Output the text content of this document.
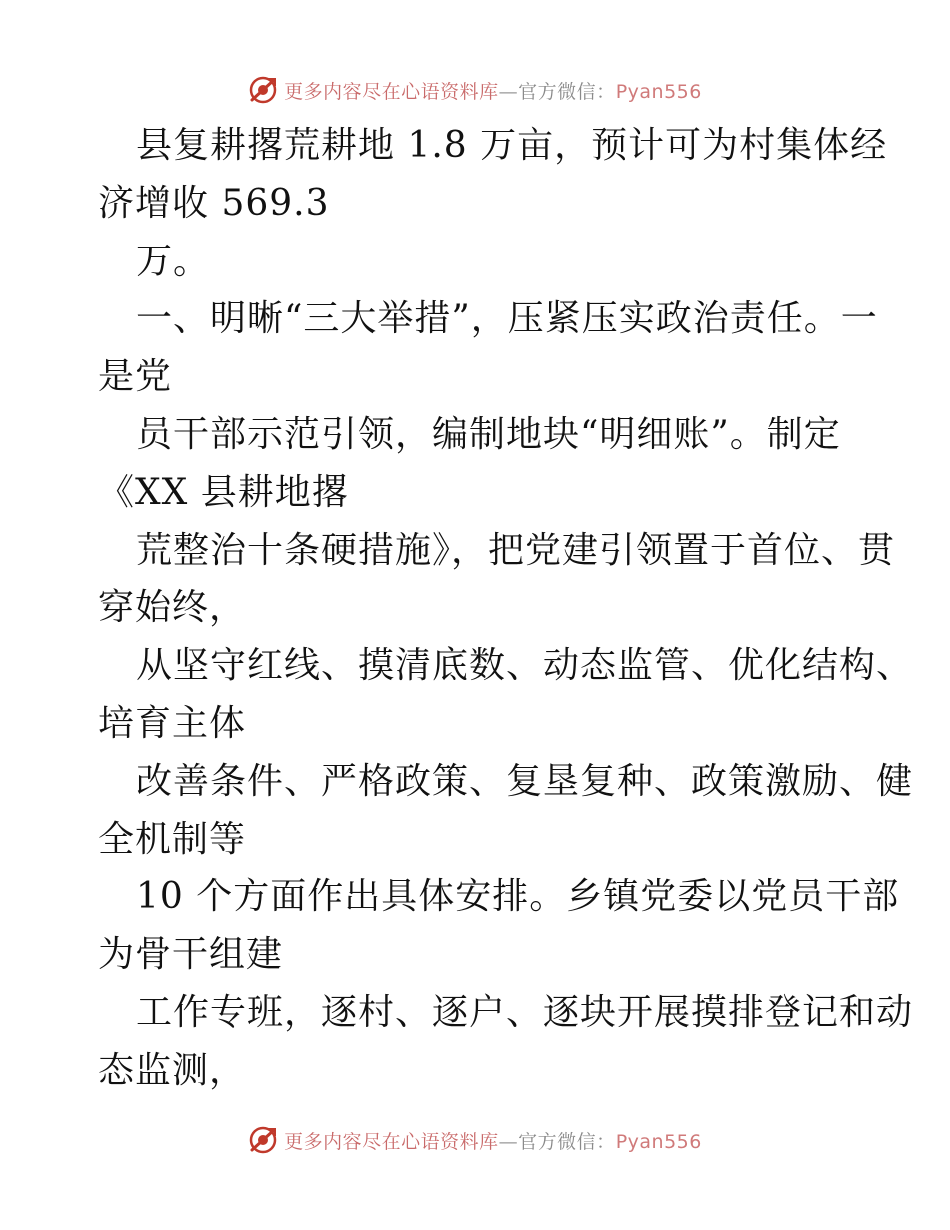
更多内容尽在心语资料库—官方微信：Pyan556
县复耕撂荒耕地 1.8 万亩，预计可为村集体经
济增收 569.3
万。
一、明晰“三大举措”，压紧压实政治责任。一
是党
员干部示范引领，编制地块“明细账”。制定
《XX 县耕地撂
荒整治十条硬措施》，把党建引领置于首位、贯
穿始终，
从坚守红线、摸清底数、动态监管、优化结构、
培育主体
改善条件、严格政策、复垦复种、政策激励、健
全机制等
10 个方面作出具体安排。乡镇党委以党员干部
为骨干组建
工作专班，逐村、逐户、逐块开展摸排登记和动
态监测，
更多内容尽在心语资料库—官方微信：Pyan556
